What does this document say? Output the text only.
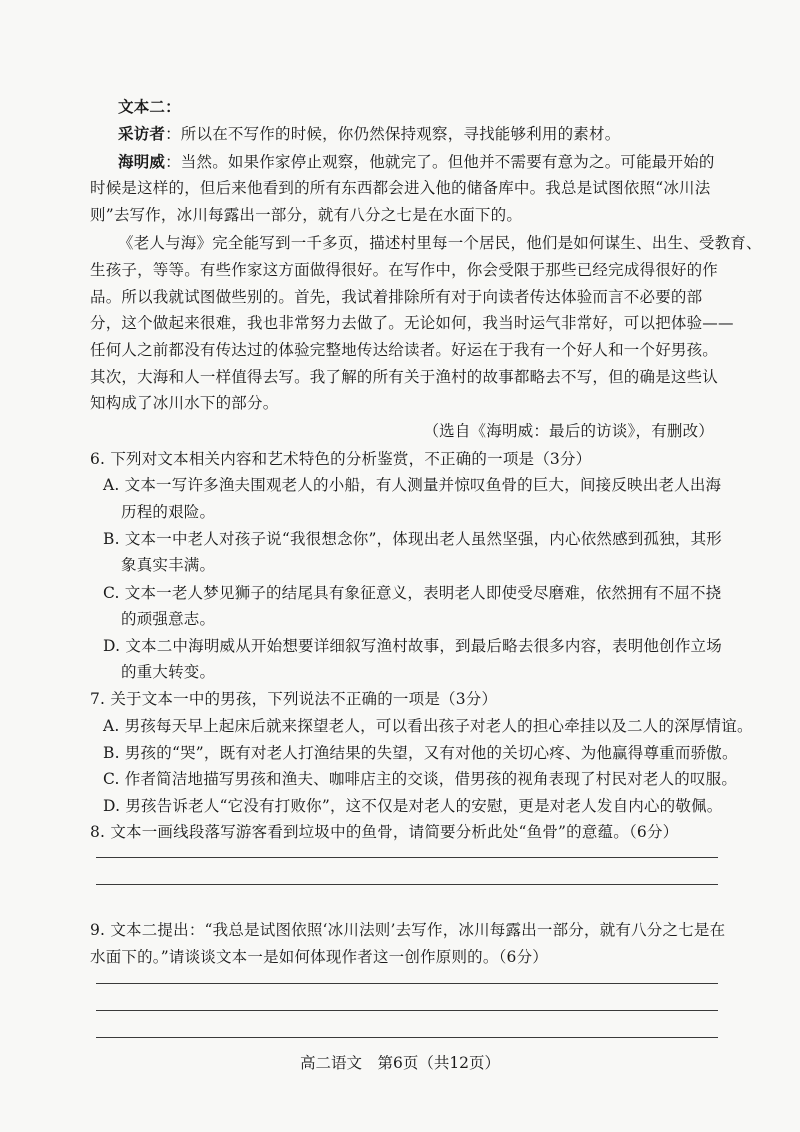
文本二：
采访者：所以在不写作的时候，你仍然保持观察，寻找能够利用的素材。
海明威：当然。如果作家停止观察，他就完了。但他并不需要有意为之。可能最开始的
时候是这样的，但后来他看到的所有东西都会进入他的储备库中。我总是试图依照“冰川法
则”去写作，冰川每露出一部分，就有八分之七是在水面下的。
《老人与海》完全能写到一千多页，描述村里每一个居民，他们是如何谋生、出生、受教育、
生孩子，等等。有些作家这方面做得很好。在写作中，你会受限于那些已经完成得很好的作
品。所以我就试图做些别的。首先，我试着排除所有对于向读者传达体验而言不必要的部
分，这个做起来很难，我也非常努力去做了。无论如何，我当时运气非常好，可以把体验——
任何人之前都没有传达过的体验完整地传达给读者。好运在于我有一个好人和一个好男孩。
其次，大海和人一样值得去写。我了解的所有关于渔村的故事都略去不写，但的确是这些认
知构成了冰川水下的部分。
（选自《海明威：最后的访谈》，有删改）
6. 下列对文本相关内容和艺术特色的分析鉴赏，不正确的一项是（3分）
A. 文本一写许多渔夫围观老人的小船，有人测量并惊叹鱼骨的巨大，间接反映出老人出海
历程的艰险。
B. 文本一中老人对孩子说“我很想念你”，体现出老人虽然坚强，内心依然感到孤独，其形
象真实丰满。
C. 文本一老人梦见狮子的结尾具有象征意义，表明老人即使受尽磨难，依然拥有不屈不挠
的顽强意志。
D. 文本二中海明威从开始想要详细叙写渔村故事，到最后略去很多内容，表明他创作立场
的重大转变。
7. 关于文本一中的男孩，下列说法不正确的一项是（3分）
A. 男孩每天早上起床后就来探望老人，可以看出孩子对老人的担心牵挂以及二人的深厚情谊。
B. 男孩的“哭”，既有对老人打渔结果的失望，又有对他的关切心疼、为他赢得尊重而骄傲。
C. 作者简洁地描写男孩和渔夫、咖啡店主的交谈，借男孩的视角表现了村民对老人的叹服。
D. 男孩告诉老人“它没有打败你”，这不仅是对老人的安慰，更是对老人发自内心的敬佩。
8. 文本一画线段落写游客看到垃圾中的鱼骨，请简要分析此处“鱼骨”的意蕴。（6分）
9. 文本二提出：“我总是试图依照‘冰川法则’去写作，冰川每露出一部分，就有八分之七是在
水面下的。”请谈谈文本一是如何体现作者这一创作原则的。（6分）
高二语文　第6页（共12页）
